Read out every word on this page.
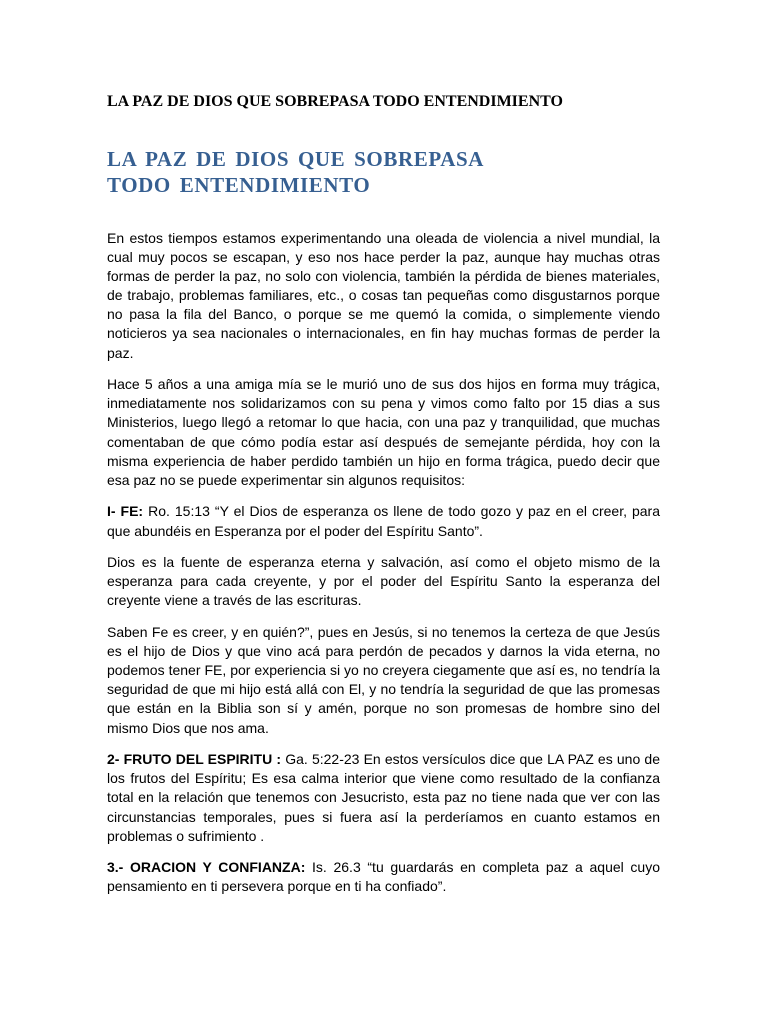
LA PAZ DE DIOS QUE SOBREPASA TODO ENTENDIMIENTO
LA PAZ DE DIOS QUE SOBREPASA TODO ENTENDIMIENTO

En estos tiempos estamos experimentando una oleada de violencia a nivel mundial, la cual muy pocos se escapan, y eso nos hace perder la paz, aunque hay muchas otras formas de perder la paz, no solo con violencia, también la pérdida de bienes materiales, de trabajo, problemas familiares, etc., o cosas tan pequeñas como disgustarnos porque no pasa la fila del Banco, o porque se me quemó la comida, o simplemente viendo noticieros ya sea nacionales o internacionales, en fin hay muchas formas de perder la paz.

Hace 5 años a una amiga mía se le murió uno de sus dos hijos en forma muy trágica, inmediatamente nos solidarizamos con su pena y vimos como falto por 15 dias a sus Ministerios, luego llegó a retomar lo que hacia, con una paz y tranquilidad, que muchas comentaban de que cómo podía estar así después de semejante pérdida, hoy con la misma experiencia de haber perdido también un hijo en forma trágica, puedo decir que esa paz no se puede experimentar sin algunos requisitos:

I- FE: Ro. 15:13 “Y el Dios de esperanza os llene de todo gozo y paz en el creer, para que abundéis en Esperanza por el poder del Espíritu Santo”.

Dios es la fuente de esperanza eterna y salvación, así como el objeto mismo de la esperanza para cada creyente, y por el poder del Espíritu Santo la esperanza del creyente viene a través de las escrituras.

Saben Fe es creer, y en quién?”, pues en Jesús, si no tenemos la certeza de que Jesús es el hijo de Dios y que vino acá para perdón de pecados y darnos la vida eterna, no podemos tener FE, por experiencia si yo no creyera ciegamente que así es, no tendría la seguridad de que mi hijo está allá con El, y no tendría la seguridad de que las promesas que están en la Biblia son sí y amén, porque no son promesas de hombre sino del mismo Dios que nos ama.

2- FRUTO DEL ESPIRITU : Ga. 5:22-23 En estos versículos dice que LA PAZ es uno de los frutos del Espíritu; Es esa calma interior que viene como resultado de la confianza total en la relación que tenemos con Jesucristo, esta paz no tiene nada que ver con las circunstancias temporales, pues si fuera así la perderíamos en cuanto estamos en problemas o sufrimiento .

3.- ORACION Y CONFIANZA: Is. 26.3 “tu guardarás en completa paz a aquel cuyo pensamiento en ti persevera porque en ti ha confiado”.
